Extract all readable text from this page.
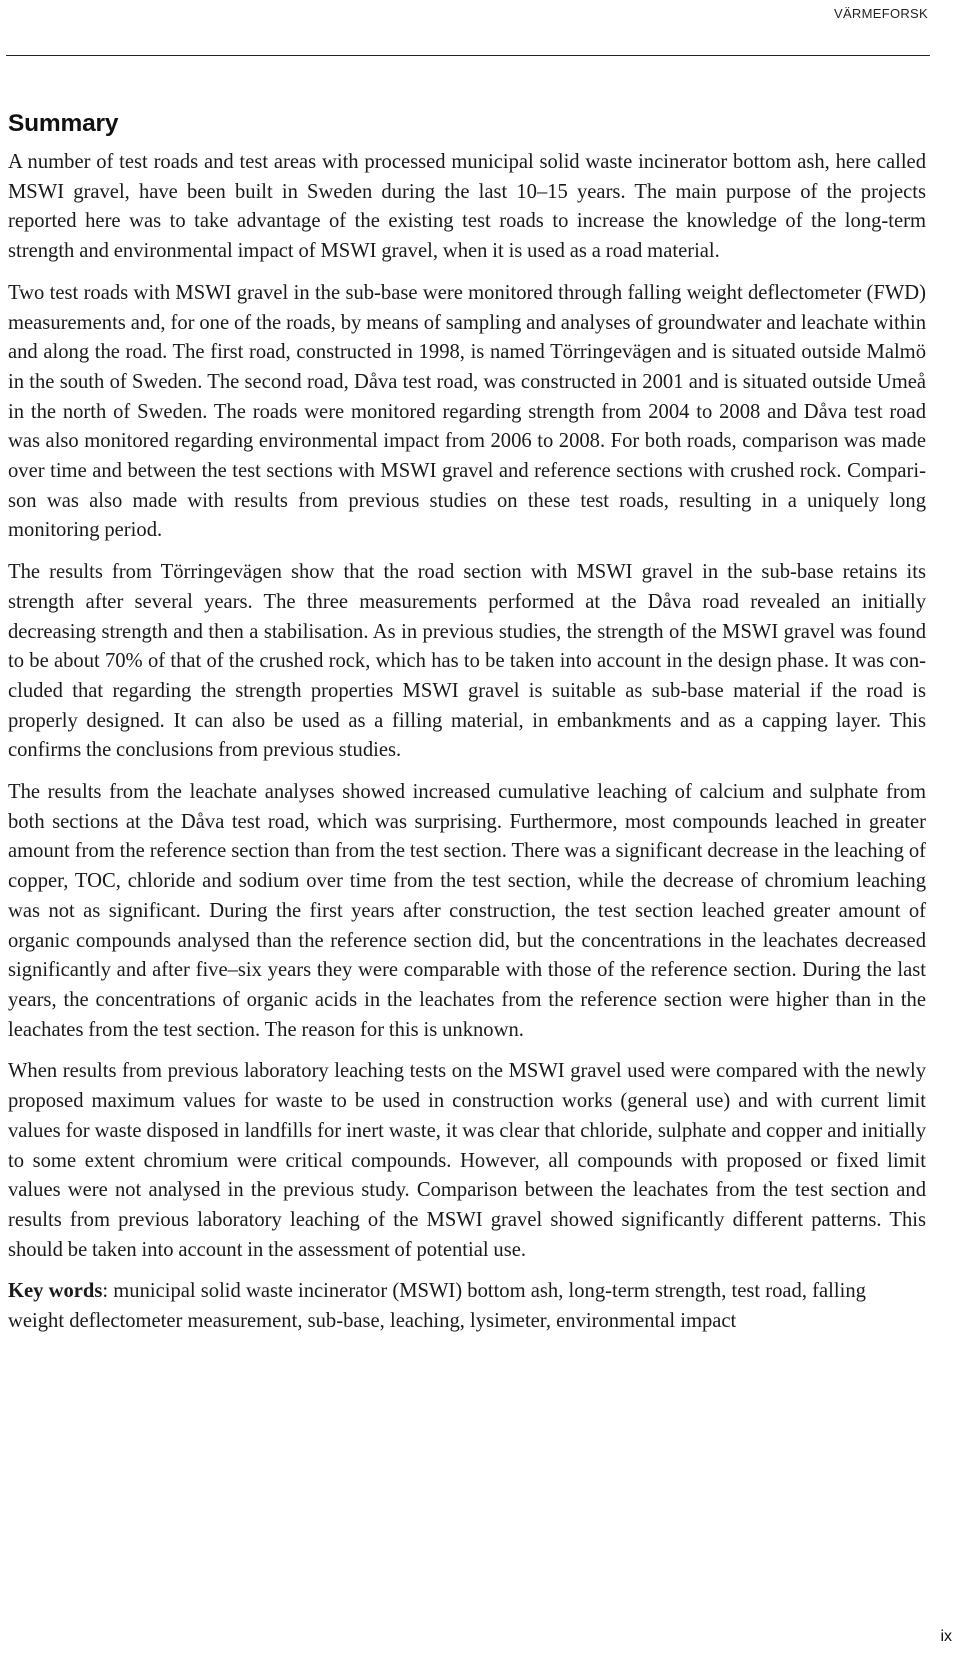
VÄRMEFORSK
Summary

A number of test roads and test areas with processed municipal solid waste incinerator bottom ash, here called MSWI gravel, have been built in Sweden during the last 10–15 years. The main purpose of the projects reported here was to take advantage of the existing test roads to increase the knowledge of the long-term strength and environmental impact of MSWI gravel, when it is used as a road material.

Two test roads with MSWI gravel in the sub-base were monitored through falling weight deflectometer (FWD) measurements and, for one of the roads, by means of sampling and analyses of groundwater and leachate within and along the road. The first road, constructed in 1998, is named Törringevägen and is situated outside Malmö in the south of Sweden. The second road, Dåva test road, was constructed in 2001 and is situated outside Umeå in the north of Sweden. The roads were monitored regarding strength from 2004 to 2008 and Dåva test road was also monitored regarding environmental impact from 2006 to 2008. For both roads, comparison was made over time and between the test sections with MSWI gravel and reference sections with crushed rock. Comparison was also made with results from previous studies on these test roads, resulting in a uniquely long monitoring period.

The results from Törringevägen show that the road section with MSWI gravel in the sub-base retains its strength after several years. The three measurements performed at the Dåva road revealed an initially decreasing strength and then a stabilisation. As in previous studies, the strength of the MSWI gravel was found to be about 70% of that of the crushed rock, which has to be taken into account in the design phase. It was concluded that regarding the strength properties MSWI gravel is suitable as sub-base material if the road is properly designed. It can also be used as a filling material, in embankments and as a capping layer. This confirms the conclusions from previous studies.

The results from the leachate analyses showed increased cumulative leaching of calcium and sulphate from both sections at the Dåva test road, which was surprising. Furthermore, most compounds leached in greater amount from the reference section than from the test section. There was a significant decrease in the leaching of copper, TOC, chloride and sodium over time from the test section, while the decrease of chromium leaching was not as significant. During the first years after construction, the test section leached greater amount of organic compounds analysed than the reference section did, but the concentrations in the leachates decreased significantly and after five–six years they were comparable with those of the reference section. During the last years, the concentrations of organic acids in the leachates from the reference section were higher than in the leachates from the test section. The reason for this is unknown.

When results from previous laboratory leaching tests on the MSWI gravel used were compared with the newly proposed maximum values for waste to be used in construction works (general use) and with current limit values for waste disposed in landfills for inert waste, it was clear that chloride, sulphate and copper and initially to some extent chromium were critical compounds. However, all compounds with proposed or fixed limit values were not analysed in the previous study. Comparison between the leachates from the test section and results from previous laboratory leaching of the MSWI gravel showed significantly different patterns. This should be taken into account in the assessment of potential use.

Key words: municipal solid waste incinerator (MSWI) bottom ash, long-term strength, test road, falling weight deflectometer measurement, sub-base, leaching, lysimeter, environmental impact

ix
